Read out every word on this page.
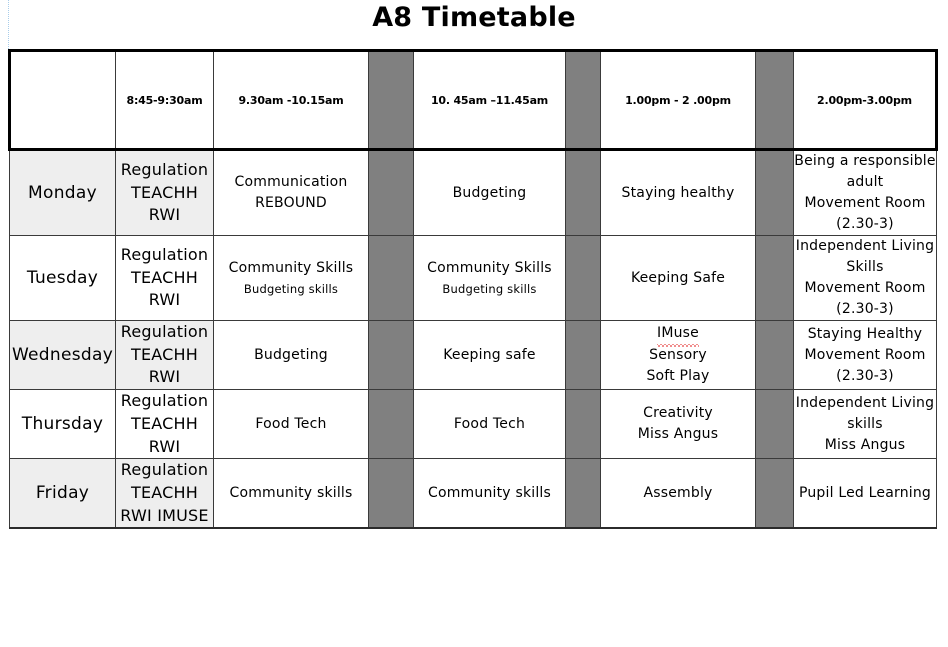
A8 Timetable
	8:45-9:30am	9.30am -10.15am		10. 45am –11.45am		1.00pm - 2 .00pm		2.00pm-3.00pm
Monday	Regulation TEACHH RWI	Communication
REBOUND		Budgeting		Staying healthy		Being a responsible adult
Movement Room
(2.30-3)

Tuesday	Regulation TEACHH RWI	Community Skills
Budgeting skills		Community Skills
Budgeting skills		Keeping Safe		Independent Living Skills
Movement Room
(2.30-3)

Wednesday	Regulation TEACHH RWI	Budgeting		Keeping safe		IMuse
Sensory
Soft Play		Staying Healthy
Movement Room
(2.30-3)

Thursday	Regulation TEACHH RWI	Food Tech		Food Tech		Creativity
Miss Angus		Independent Living skills
Miss Angus

Friday	Regulation TEACHH RWI IMUSE	Community skills		Community skills		Assembly		Pupil Led Learning
